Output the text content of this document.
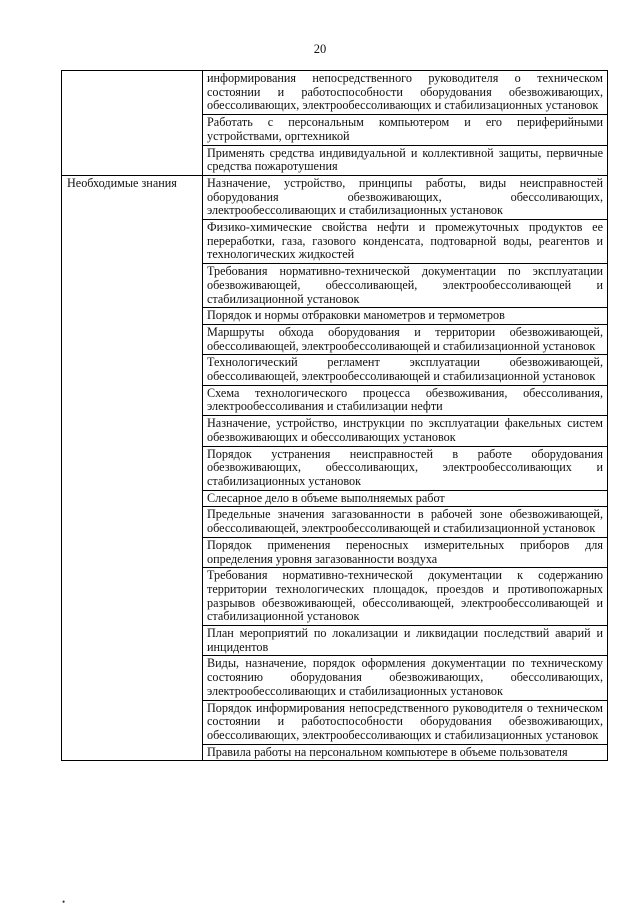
20
	информирования непосредственного руководителя о техническом состоянии и работоспособности оборудования обезвоживающих, обессоливающих, электрообессоливающих и стабилизационных установок
	Работать с персональным компьютером и его периферийными устройствами, оргтехникой
	Применять средства индивидуальной и коллективной защиты, первичные средства пожаротушения
Необходимые знания	Назначение, устройство, принципы работы, виды неисправностей оборудования обезвоживающих, обессоливающих, электрообессоливающих и стабилизационных установок
	Физико-химические свойства нефти и промежуточных продуктов ее переработки, газа, газового конденсата, подтоварной воды, реагентов и технологических жидкостей
	Требования нормативно-технической документации по эксплуатации обезвоживающей, обессоливающей, электрообессоливающей и стабилизационной установок
	Порядок и нормы отбраковки манометров и термометров
	Маршруты обхода оборудования и территории обезвоживающей, обессоливающей, электрообессоливающей и стабилизационной установок
	Технологический регламент эксплуатации обезвоживающей, обессоливающей, электрообессоливающей и стабилизационной установок
	Схема технологического процесса обезвоживания, обессоливания, электрообессоливания и стабилизации нефти
	Назначение, устройство, инструкции по эксплуатации факельных систем обезвоживающих и обессоливающих установок
	Порядок устранения неисправностей в работе оборудования обезвоживающих, обессоливающих, электрообессоливающих и стабилизационных установок
	Слесарное дело в объеме выполняемых работ
	Предельные значения загазованности в рабочей зоне обезвоживающей, обессоливающей, электрообессоливающей и стабилизационной установок
	Порядок применения переносных измерительных приборов для определения уровня загазованности воздуха
	Требования нормативно-технической документации к содержанию территории технологических площадок, проездов и противопожарных разрывов обезвоживающей, обессоливающей, электрообессоливающей и стабилизационной установок
	План мероприятий по локализации и ликвидации последствий аварий и инцидентов
	Виды, назначение, порядок оформления документации по техническому состоянию оборудования обезвоживающих, обессоливающих, электрообессоливающих и стабилизационных установок
	Порядок информирования непосредственного руководителя о техническом состоянии и работоспособности оборудования обезвоживающих, обессоливающих, электрообессоливающих и стабилизационных установок
	Правила работы на персональном компьютере в объеме пользователя
•
